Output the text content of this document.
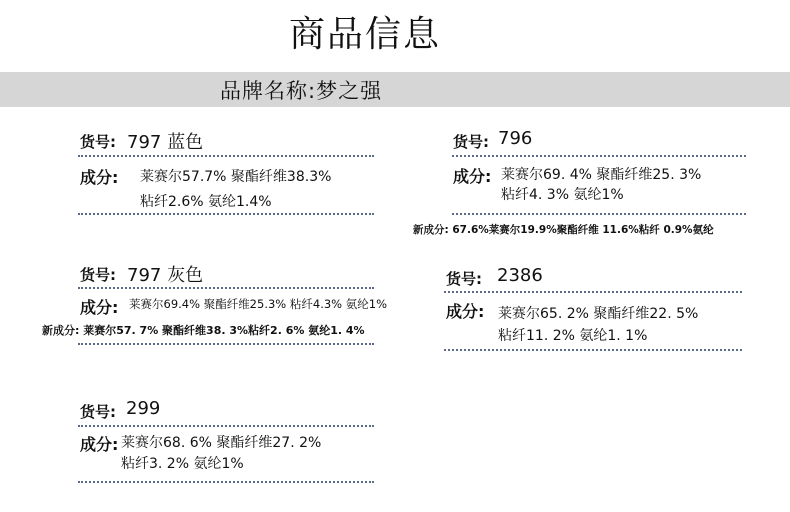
商品信息
品牌名称:梦之强
货号: 797 蓝色
成分: 莱赛尔57.7% 聚酯纤维38.3%
粘纤2.6% 氨纶1.4%
货号: 796
成分: 莱赛尔69. 4% 聚酯纤维25. 3%
粘纤4. 3% 氨纶1%
新成分: 67.6%莱赛尔19.9%聚酯纤维 11.6%粘纤 0.9%氨纶
货号: 797 灰色
成分: 莱赛尔69.4% 聚酯纤维25.3% 粘纤4.3% 氨纶1%
新成分: 莱赛尔57. 7% 聚酯纤维38. 3%粘纤2. 6% 氨纶1. 4%
货号: 2386
成分: 莱赛尔65. 2% 聚酯纤维22. 5%
粘纤11. 2% 氨纶1. 1%
货号: 299
成分: 莱赛尔68. 6% 聚酯纤维27. 2%
粘纤3. 2% 氨纶1%
